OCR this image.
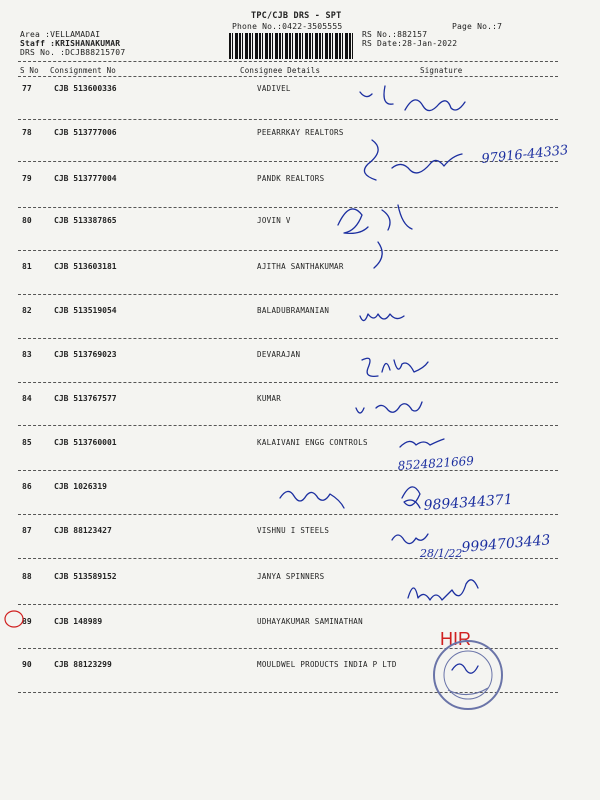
TPC/CJB DRS - SPT
Phone No.:0422-3505555	Page No.:7
Area :VELLAMADAI
Staff :KRISHANAKUMAR
DRS No. :DCJB88215707
RS No.:882157
RS Date:28-Jan-2022
S No Consignment No	Consignee Details	Signature
77	CJB 513600336	VADIVEL
78	CJB 513777006	PEEARRKAY REALTORS
79	CJB 513777004	PANDK REALTORS
80	CJB 513387865	JOVIN V
81	CJB 513603181	AJITHA SANTHAKUMAR
82	CJB 513519054	BALADUBRAMANIAN
83	CJB 513769023	DEVARAJAN
84	CJB 513767577	KUMAR
85	CJB 513760001	KALAIVANI ENGG CONTROLS
86	CJB 1026319
87	CJB 88123427	VISHNU I STEELS
88	CJB 513589152	JANYA SPINNERS
89	CJB 148989	UDHAYAKUMAR SAMINATHAN
90	CJB 88123299	MOULDWEL PRODUCTS INDIA P LTD
97916-44333
8524821669
9894344371
28/1/22
9994703443
HIR
